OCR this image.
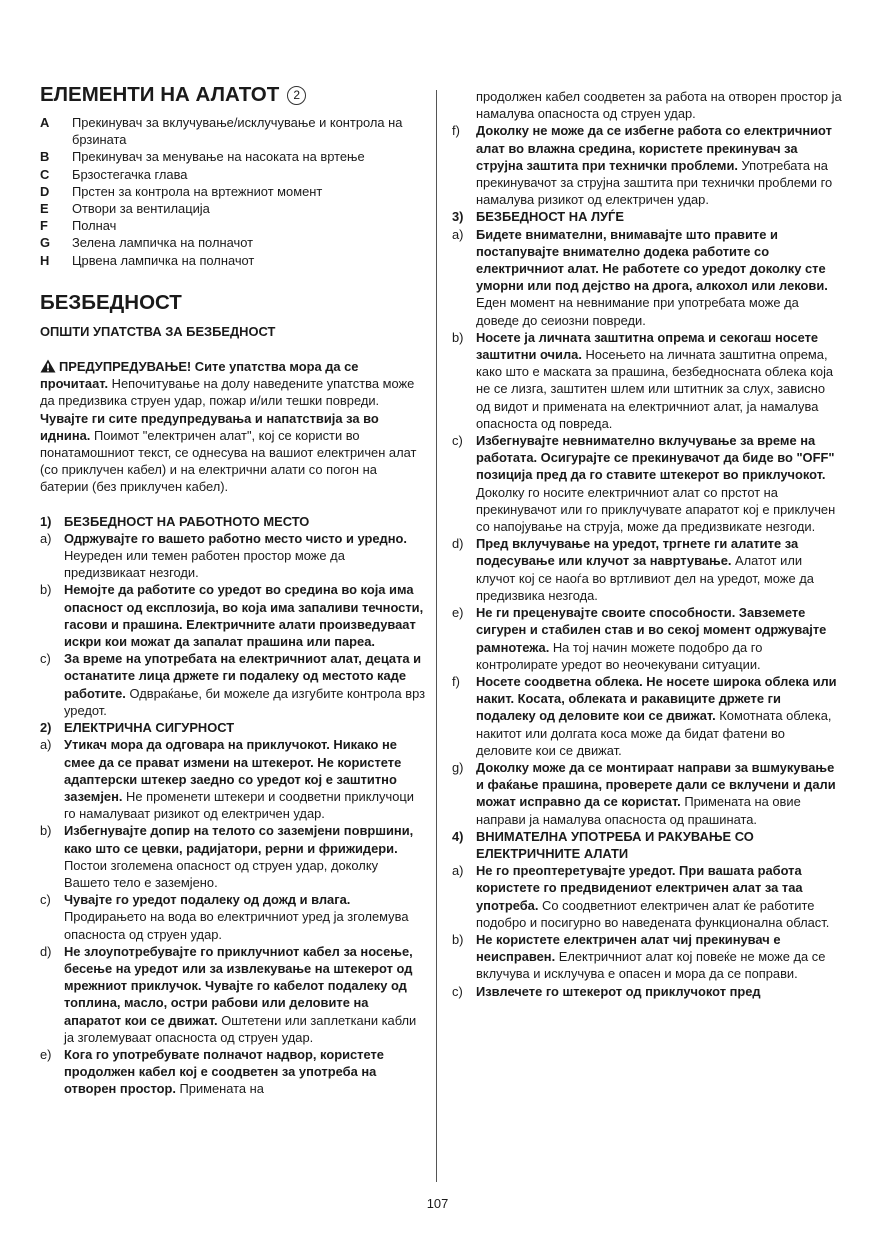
ЕЛЕМЕНТИ НА АЛАТОТ	2
A	Прекинувач за вклучување/исклучување и контрола на брзината
B	Прекинувач за менување на насоката на вртење
C	Брзостегачка глава
D	Прстен за контрола на вртежниот момент
E	Отвори за вентилација
F	Полнач
G	Зелена лампичка на полначот
H	Црвена лампичка на полначот
БЕЗБЕДНОСТ
ОПШТИ УПАТСТВА ЗА БЕЗБЕДНОСТ
ПРЕДУПРЕДУВАЊЕ! Сите упатства мора да се прочитаат. Непочитување на долу наведените упатства може да предизвика струен удар, пожар и/или тешки повреди. Чувајте ги сите предупредувања и напатствија за во иднина. Поимот "електричен алат", кој се користи во понатамошниот текст, се однесува на вашиот електричен алат (со приклучен кабел) и на електрични алати со погон на батерии (без приклучен кабел).
1) БЕЗБЕДНОСТ НА РАБОТНОТО МЕСТО
a) Одржувајте го вашето работно место чисто и уредно. Неуреден или темен работен простор може да предизвикаат незгоди.
b) Немојте да работите со уредот во средина во која има опасност од експлозија, во која има запаливи течности, гасови и прашина. Електричните алати произведуваат искри кои можат да запалат прашина или пареа.
c)	За време на употребата на електричниот алат, децата и останатите лица држете ги подалеку од местото каде работите. Одвраќање, би можеле да изгубите контрола врз уредот.
2) ЕЛЕКТРИЧНА СИГУРНОСТ
a) Утикач мора да одговара на приклучокот. Никако не смее да се прават измени на штекерот. Не користете адаптерски штекер заедно со уредот кој е заштитно заземјен. Не променети штекери и соодветни приклучоци го намалуваат ризикот од електричен удар.
b) Избегнувајте допир на телото со заземјени површини, како што се цевки, радијатори, рерни и фрижидери. Постои зголемена опасност од струен удар, доколку Вашето тело е заземјено.
c)	Чувајте го уредот подалеку од дожд и влага. Продирањето на вода во електричниот уред ја зголемува опасноста од струен удар.
d) Не злоупотребувајте го приклучниот кабел за носење, бесење на уредот или за извлекување на штекерот од мрежниот приклучок. Чувајте го кабелот подалеку од топлина, масло, остри рабови или деловите на апаратот кои се движат. Оштетени или заплеткани кабли ја зголемуваат опасноста од струен удар.
e) Кога го употребувате полначот надвор, користете продолжен кабел кој е соодветен за употреба на отворен простор. Примената на
продолжен кабел соодветен за работа на отворен простор ја намалува опасноста од струен удар.
f)	Доколку не може да се избегне работа со електричниот алат во влажна средина, користете прекинувач за струјна заштита при технички проблеми. Употребата на прекинувачот за струјна заштита при технички проблеми го намалува ризикот од електричен удар.
3) БЕЗБЕДНОСТ НА ЛУЃЕ
a) Бидете внимателни, внимавајте што правите и постапувајте внимателно додека работите со електричниот алат. Не работете со уредот доколку сте уморни или под дејство на дрога, алкохол или лекови. Еден момент на невнимание при употребата може да доведе до сеиозни повреди.
b) Носете ја личната заштитна опрема и секогаш носете заштитни очила. Носењето на личната заштитна опрема, како што е маската за прашина, безбедносната облека која не се лизга, заштитен шлем или штитник за слух, зависно од видот и примената на електричниот алат, ја намалува опасноста од повреда.
c)	Избегнувајте невнимателно вклучување за време на работата. Осигурајте се прекинувачот да биде во "OFF" позиција пред да го ставите штекерот во приклучокот. Доколку го носите електричниот алат со прстот на прекинувачот или го приклучувате апаратот кој е приклучен со напојување на струја, може да предизвикате незгоди.
d) Пред вклучување на уредот, тргнете ги алатите за подесување или клучот за навртување. Алатот или клучот кој се наоѓа во вртливиот дел на уредот, може да предизвика незгода.
e) Не ги преценувајте своите способности. Завземете сигурен и стабилен став и во секој момент одржувајте рамнотежа. На тој начин можете подобро да го контролирате уредот во неочекувани ситуации.
f)	Носете соодветна облека. Не носете широка облека или накит. Косата, облеката и ракавиците држете ги подалеку од деловите кои се движат. Комотната облека, накитот или долгата коса може да бидат фатени во деловите кои се движат.
g) Доколку може да се монтираат направи за вшмукување и фаќање прашина, проверете дали се вклучени и дали можат исправно да се користат. Примената на овие направи ја намалува опасноста од прашината.
4) ВНИМАТЕЛНА УПОТРЕБА И РАКУВАЊЕ СО ЕЛЕКТРИЧНИТЕ АЛАТИ
a) Не го преоптеретувајте уредот. При вашата работа користете го предвидениот електричен алат за таа употреба. Со соодветниот електричен алат ќе работите подобро и посигурно во наведената функционална област.
b) Не користете електричен алат чиј прекинувач е неисправен. Електричниот алат кој повеќе не може да се вклучува и исклучува е опасен и мора да се поправи.
c)	Извлечете го штекерот од приклучокот пред
107
